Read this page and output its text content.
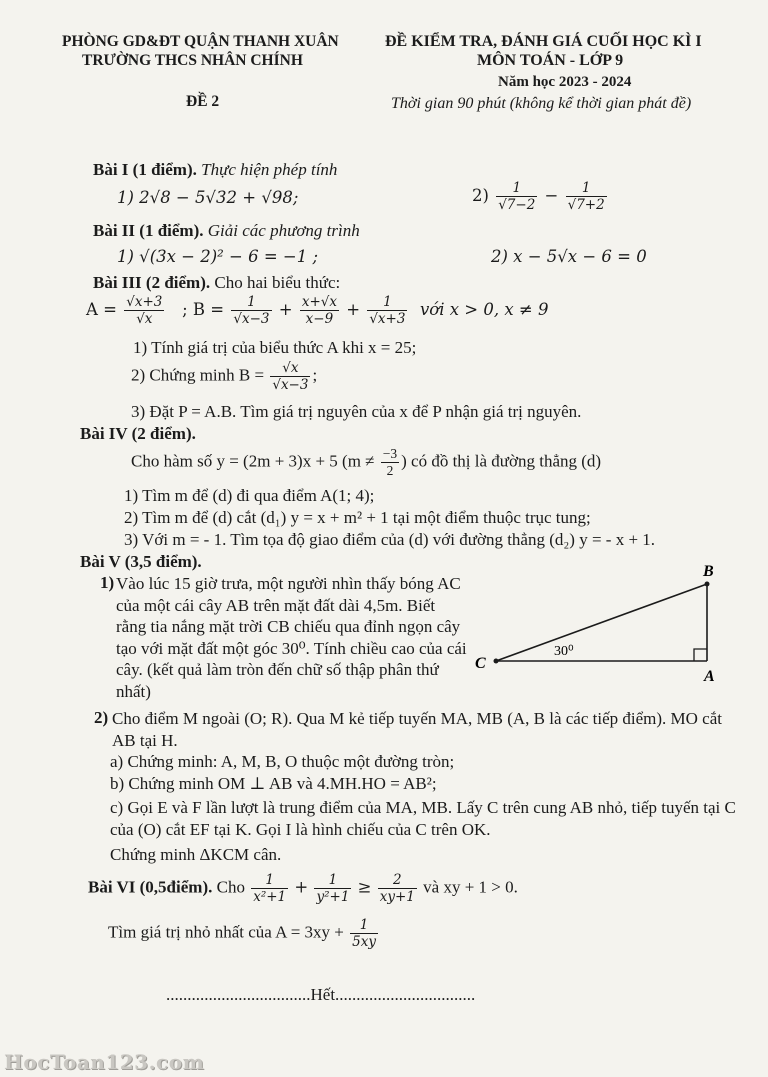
PHÒNG GD&ĐT QUẬN THANH XUÂN
TRƯỜNG THCS NHÂN CHÍNH
ĐỀ 2
ĐỀ KIỂM TRA, ĐÁNH GIÁ CUỐI HỌC KÌ I
MÔN TOÁN - LỚP 9
Năm học 2023 - 2024
Thời gian 90 phút (không kể thời gian phát đề)
Bài I (1 điểm). Thực hiện phép tính
1) 2√8 − 5√32 + √98;	$2) \frac{1}{√7-2} - \frac{1}{√7+2}$
Bài II (1 điểm). Giải các phương trình
1) √(3x − 2)² − 6 = −1 ;	2) x − 5√x − 6 = 0
Bài III (2 điểm). Cho hai biểu thức:
$A = \frac{√x+3}{√x}$ ; $B = \frac{1}{√x-3} + \frac{x+√x}{x-9} + \frac{1}{√x+3}$ với x > 0, x ≠ 9
1) Tính giá trị của biểu thức A khi x = 25;
2) Chứng minh $B = \frac{√x}{√x-3}$ ;
3) Đặt P = A.B. Tìm giá trị nguyên của x để P nhận giá trị nguyên.
Bài IV (2 điểm).
Cho hàm số y = (2m + 3)x + 5 ($m \ne \frac{-3}{2}$ ) có đồ thị là đường thẳng (d)
1) Tìm m để (d) đi qua điểm A(1; 4);
2) Tìm m để (d) cắt (d₁) y = x + m² + 1 tại một điểm thuộc trục tung;
3) Với m = - 1. Tìm tọa độ giao điểm của (d) với đường thẳng (d₂) y = - x + 1.
Bài V (3,5 điểm).
1) Vào lúc 15 giờ trưa, một người nhìn thấy bóng AC của một cái cây AB trên mặt đất dài 4,5m. Biết rằng tia nắng mặt trời CB chiếu qua đỉnh ngọn cây tạo với mặt đất một góc 30⁰. Tính chiều cao của cái cây. (kết quả làm tròn đến chữ số thập phân thứ nhất)
B
C
A
30⁰
2) Cho điểm M ngoài (O; R). Qua M kẻ tiếp tuyến MA, MB (A, B là các tiếp điểm). MO cắt AB tại H.
a) Chứng minh: A, M, B, O thuộc một đường tròn;
b) Chứng minh OM ⊥ AB và 4.MH.HO = AB²;
c) Gọi E và F lần lượt là trung điểm của MA, MB. Lấy C trên cung AB nhỏ, tiếp tuyến tại C của (O) cắt EF tại K. Gọi I là hình chiếu của C trên OK.
Chứng minh ΔKCM cân.
Bài VI (0,5điểm). Cho $\frac{1}{\text{x²+1}} + \frac{1}{\text{y²+1}} \ge \frac{2}{xy+1}$ và xy + 1 > 0.
Tìm giá trị nhỏ nhất của $A = 3xy + \frac{1}{5xy}$
..................................Hết.................................
HocToan123.com
